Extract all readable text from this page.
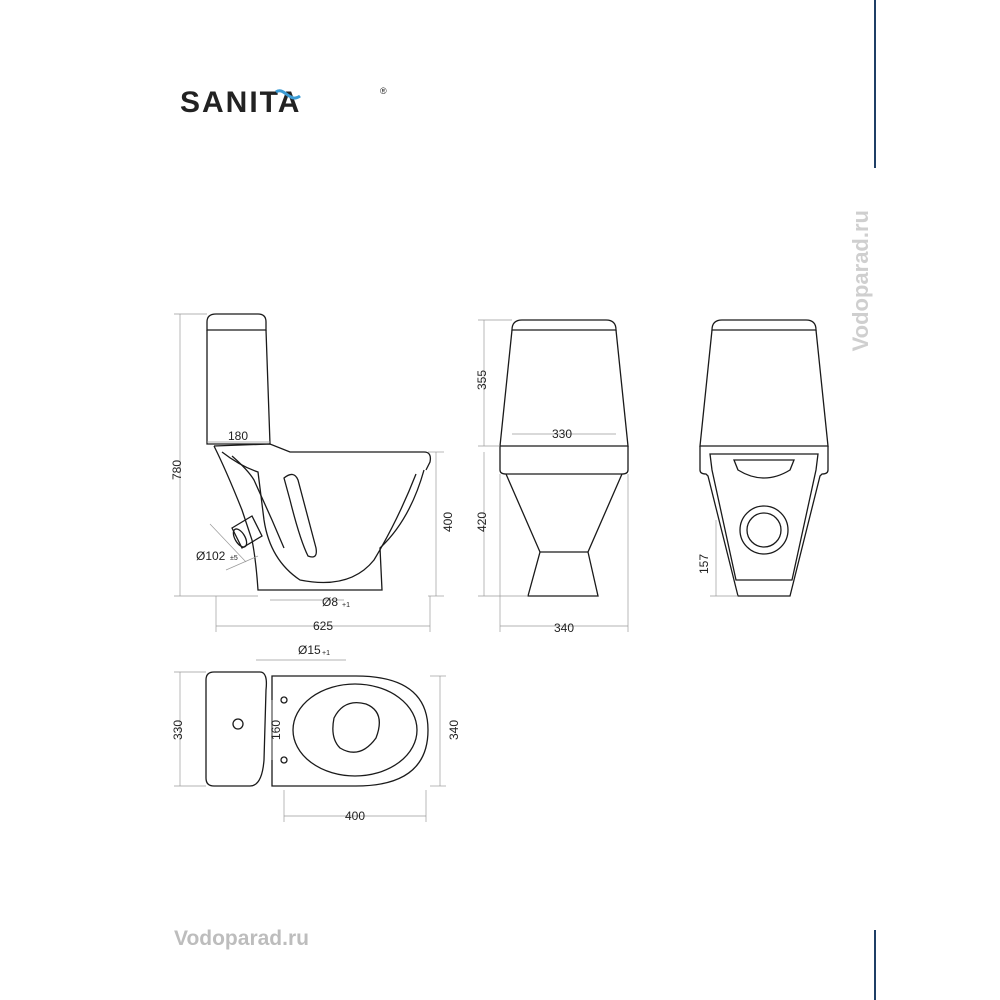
SANITA	®
Vodoparad.ru
Vodoparad.ru
780
180
400
Ø102 ±5
Ø8 +1
625
355
330
420
340
157
Ø15 +1
330	160	340
400
